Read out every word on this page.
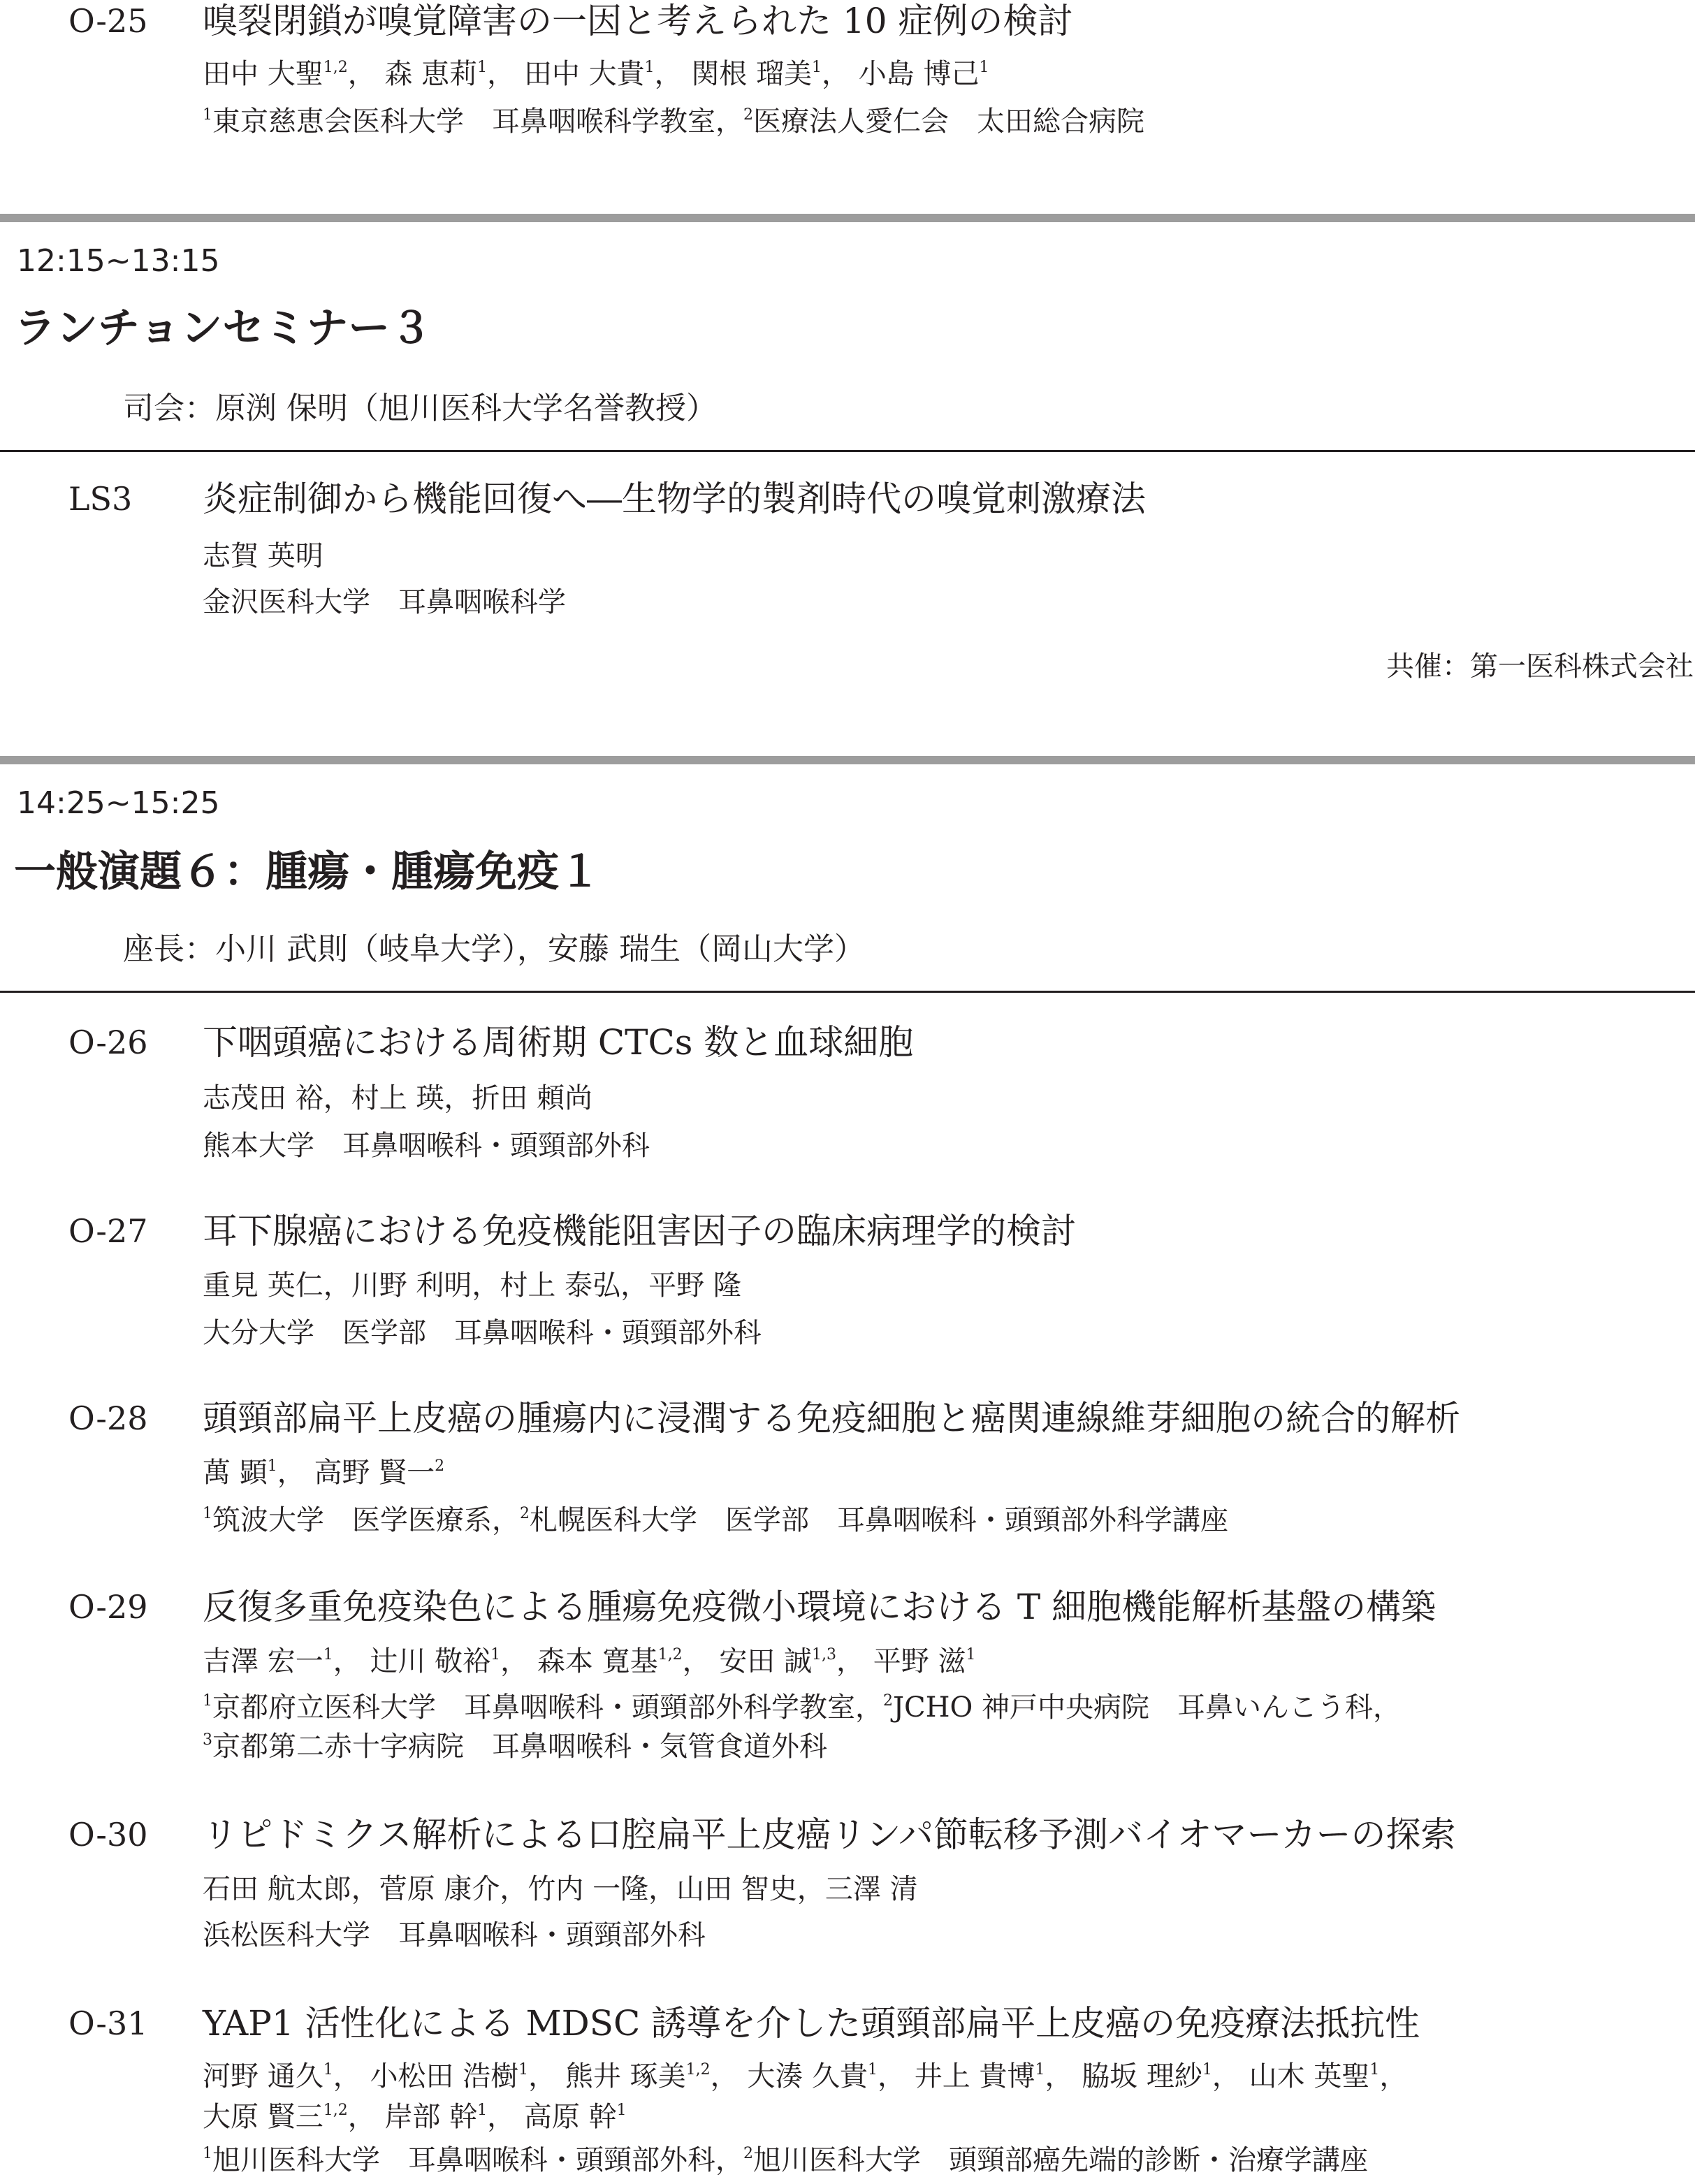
O-25 嗅裂閉鎖が嗅覚障害の一因と考えられた 10 症例の検討
田中 大聖$^{1,2}$， 森 恵莉$^1$， 田中 大貴$^1$， 関根 瑠美$^1$， 小島 博己$^1$
$^1$東京慈恵会医科大学　耳鼻咽喉科学教室，$^2$医療法人愛仁会　太田総合病院
12:15~13:15
ランチョンセミナー３
司会：原渕 保明（旭川医科大学名誉教授）
LS3 炎症制御から機能回復へ―生物学的製剤時代の嗅覚刺激療法
志賀 英明
金沢医科大学　耳鼻咽喉科学
共催：第一医科株式会社
14:25~15:25
一般演題６：腫瘍・腫瘍免疫１
座長：小川 武則（岐阜大学），安藤 瑞生（岡山大学）
O-26 下咽頭癌における周術期 CTCs 数と血球細胞
志茂田 裕，村上 瑛，折田 頼尚
熊本大学　耳鼻咽喉科・頭頸部外科
O-27 耳下腺癌における免疫機能阻害因子の臨床病理学的検討
重見 英仁，川野 利明，村上 泰弘，平野 隆
大分大学　医学部　耳鼻咽喉科・頭頸部外科
O-28 頭頸部扁平上皮癌の腫瘍内に浸潤する免疫細胞と癌関連線維芽細胞の統合的解析
萬 顕$^1$， 高野 賢一$^2$
$^1$筑波大学　医学医療系，$^2$札幌医科大学　医学部　耳鼻咽喉科・頭頸部外科学講座
O-29 反復多重免疫染色による腫瘍免疫微小環境における T 細胞機能解析基盤の構築
吉澤 宏一$^1$， 辻川 敬裕$^1$， 森本 寛基$^{1,2}$， 安田 誠$^{1,3}$， 平野 滋$^1$
$^1$京都府立医科大学　耳鼻咽喉科・頭頸部外科学教室，$^2$JCHO 神戸中央病院　耳鼻いんこう科，
$^3$京都第二赤十字病院　耳鼻咽喉科・気管食道外科
O-30 リピドミクス解析による口腔扁平上皮癌リンパ節転移予測バイオマーカーの探索
石田 航太郎，菅原 康介，竹内 一隆，山田 智史，三澤 清
浜松医科大学　耳鼻咽喉科・頭頸部外科
O-31 YAP1 活性化による MDSC 誘導を介した頭頸部扁平上皮癌の免疫療法抵抗性
河野 通久$^1$， 小松田 浩樹$^1$， 熊井 琢美$^{1,2}$， 大湊 久貴$^1$， 井上 貴博$^1$， 脇坂 理紗$^1$， 山木 英聖$^1$，
大原 賢三$^{1,2}$， 岸部 幹$^1$， 高原 幹$^1$
$^1$旭川医科大学　耳鼻咽喉科・頭頸部外科，$^2$旭川医科大学　頭頸部癌先端的診断・治療学講座
